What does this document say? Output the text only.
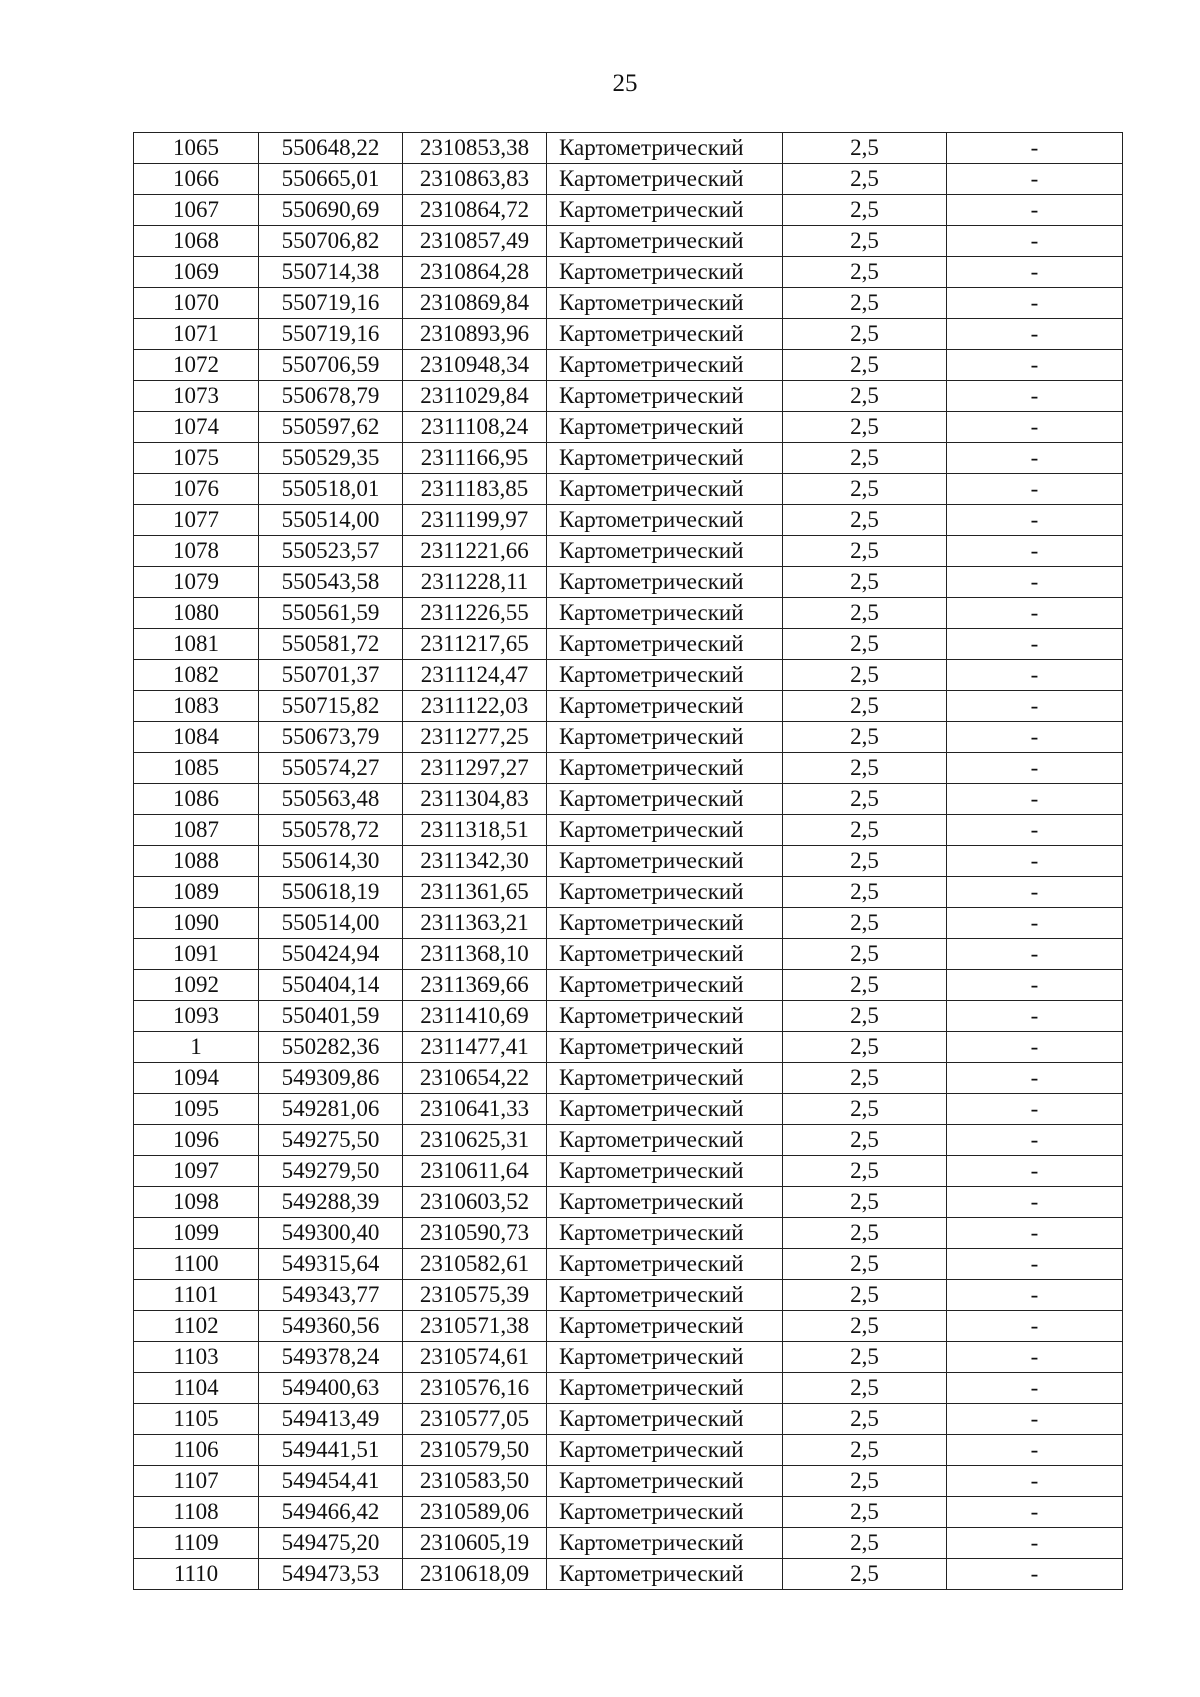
25
1065	550648,22	2310853,38	Картометрический	2,5	-
1066	550665,01	2310863,83	Картометрический	2,5	-
1067	550690,69	2310864,72	Картометрический	2,5	-
1068	550706,82	2310857,49	Картометрический	2,5	-
1069	550714,38	2310864,28	Картометрический	2,5	-
1070	550719,16	2310869,84	Картометрический	2,5	-
1071	550719,16	2310893,96	Картометрический	2,5	-
1072	550706,59	2310948,34	Картометрический	2,5	-
1073	550678,79	2311029,84	Картометрический	2,5	-
1074	550597,62	2311108,24	Картометрический	2,5	-
1075	550529,35	2311166,95	Картометрический	2,5	-
1076	550518,01	2311183,85	Картометрический	2,5	-
1077	550514,00	2311199,97	Картометрический	2,5	-
1078	550523,57	2311221,66	Картометрический	2,5	-
1079	550543,58	2311228,11	Картометрический	2,5	-
1080	550561,59	2311226,55	Картометрический	2,5	-
1081	550581,72	2311217,65	Картометрический	2,5	-
1082	550701,37	2311124,47	Картометрический	2,5	-
1083	550715,82	2311122,03	Картометрический	2,5	-
1084	550673,79	2311277,25	Картометрический	2,5	-
1085	550574,27	2311297,27	Картометрический	2,5	-
1086	550563,48	2311304,83	Картометрический	2,5	-
1087	550578,72	2311318,51	Картометрический	2,5	-
1088	550614,30	2311342,30	Картометрический	2,5	-
1089	550618,19	2311361,65	Картометрический	2,5	-
1090	550514,00	2311363,21	Картометрический	2,5	-
1091	550424,94	2311368,10	Картометрический	2,5	-
1092	550404,14	2311369,66	Картометрический	2,5	-
1093	550401,59	2311410,69	Картометрический	2,5	-
1	550282,36	2311477,41	Картометрический	2,5	-
1094	549309,86	2310654,22	Картометрический	2,5	-
1095	549281,06	2310641,33	Картометрический	2,5	-
1096	549275,50	2310625,31	Картометрический	2,5	-
1097	549279,50	2310611,64	Картометрический	2,5	-
1098	549288,39	2310603,52	Картометрический	2,5	-
1099	549300,40	2310590,73	Картометрический	2,5	-
1100	549315,64	2310582,61	Картометрический	2,5	-
1101	549343,77	2310575,39	Картометрический	2,5	-
1102	549360,56	2310571,38	Картометрический	2,5	-
1103	549378,24	2310574,61	Картометрический	2,5	-
1104	549400,63	2310576,16	Картометрический	2,5	-
1105	549413,49	2310577,05	Картометрический	2,5	-
1106	549441,51	2310579,50	Картометрический	2,5	-
1107	549454,41	2310583,50	Картометрический	2,5	-
1108	549466,42	2310589,06	Картометрический	2,5	-
1109	549475,20	2310605,19	Картометрический	2,5	-
1110	549473,53	2310618,09	Картометрический	2,5	-
